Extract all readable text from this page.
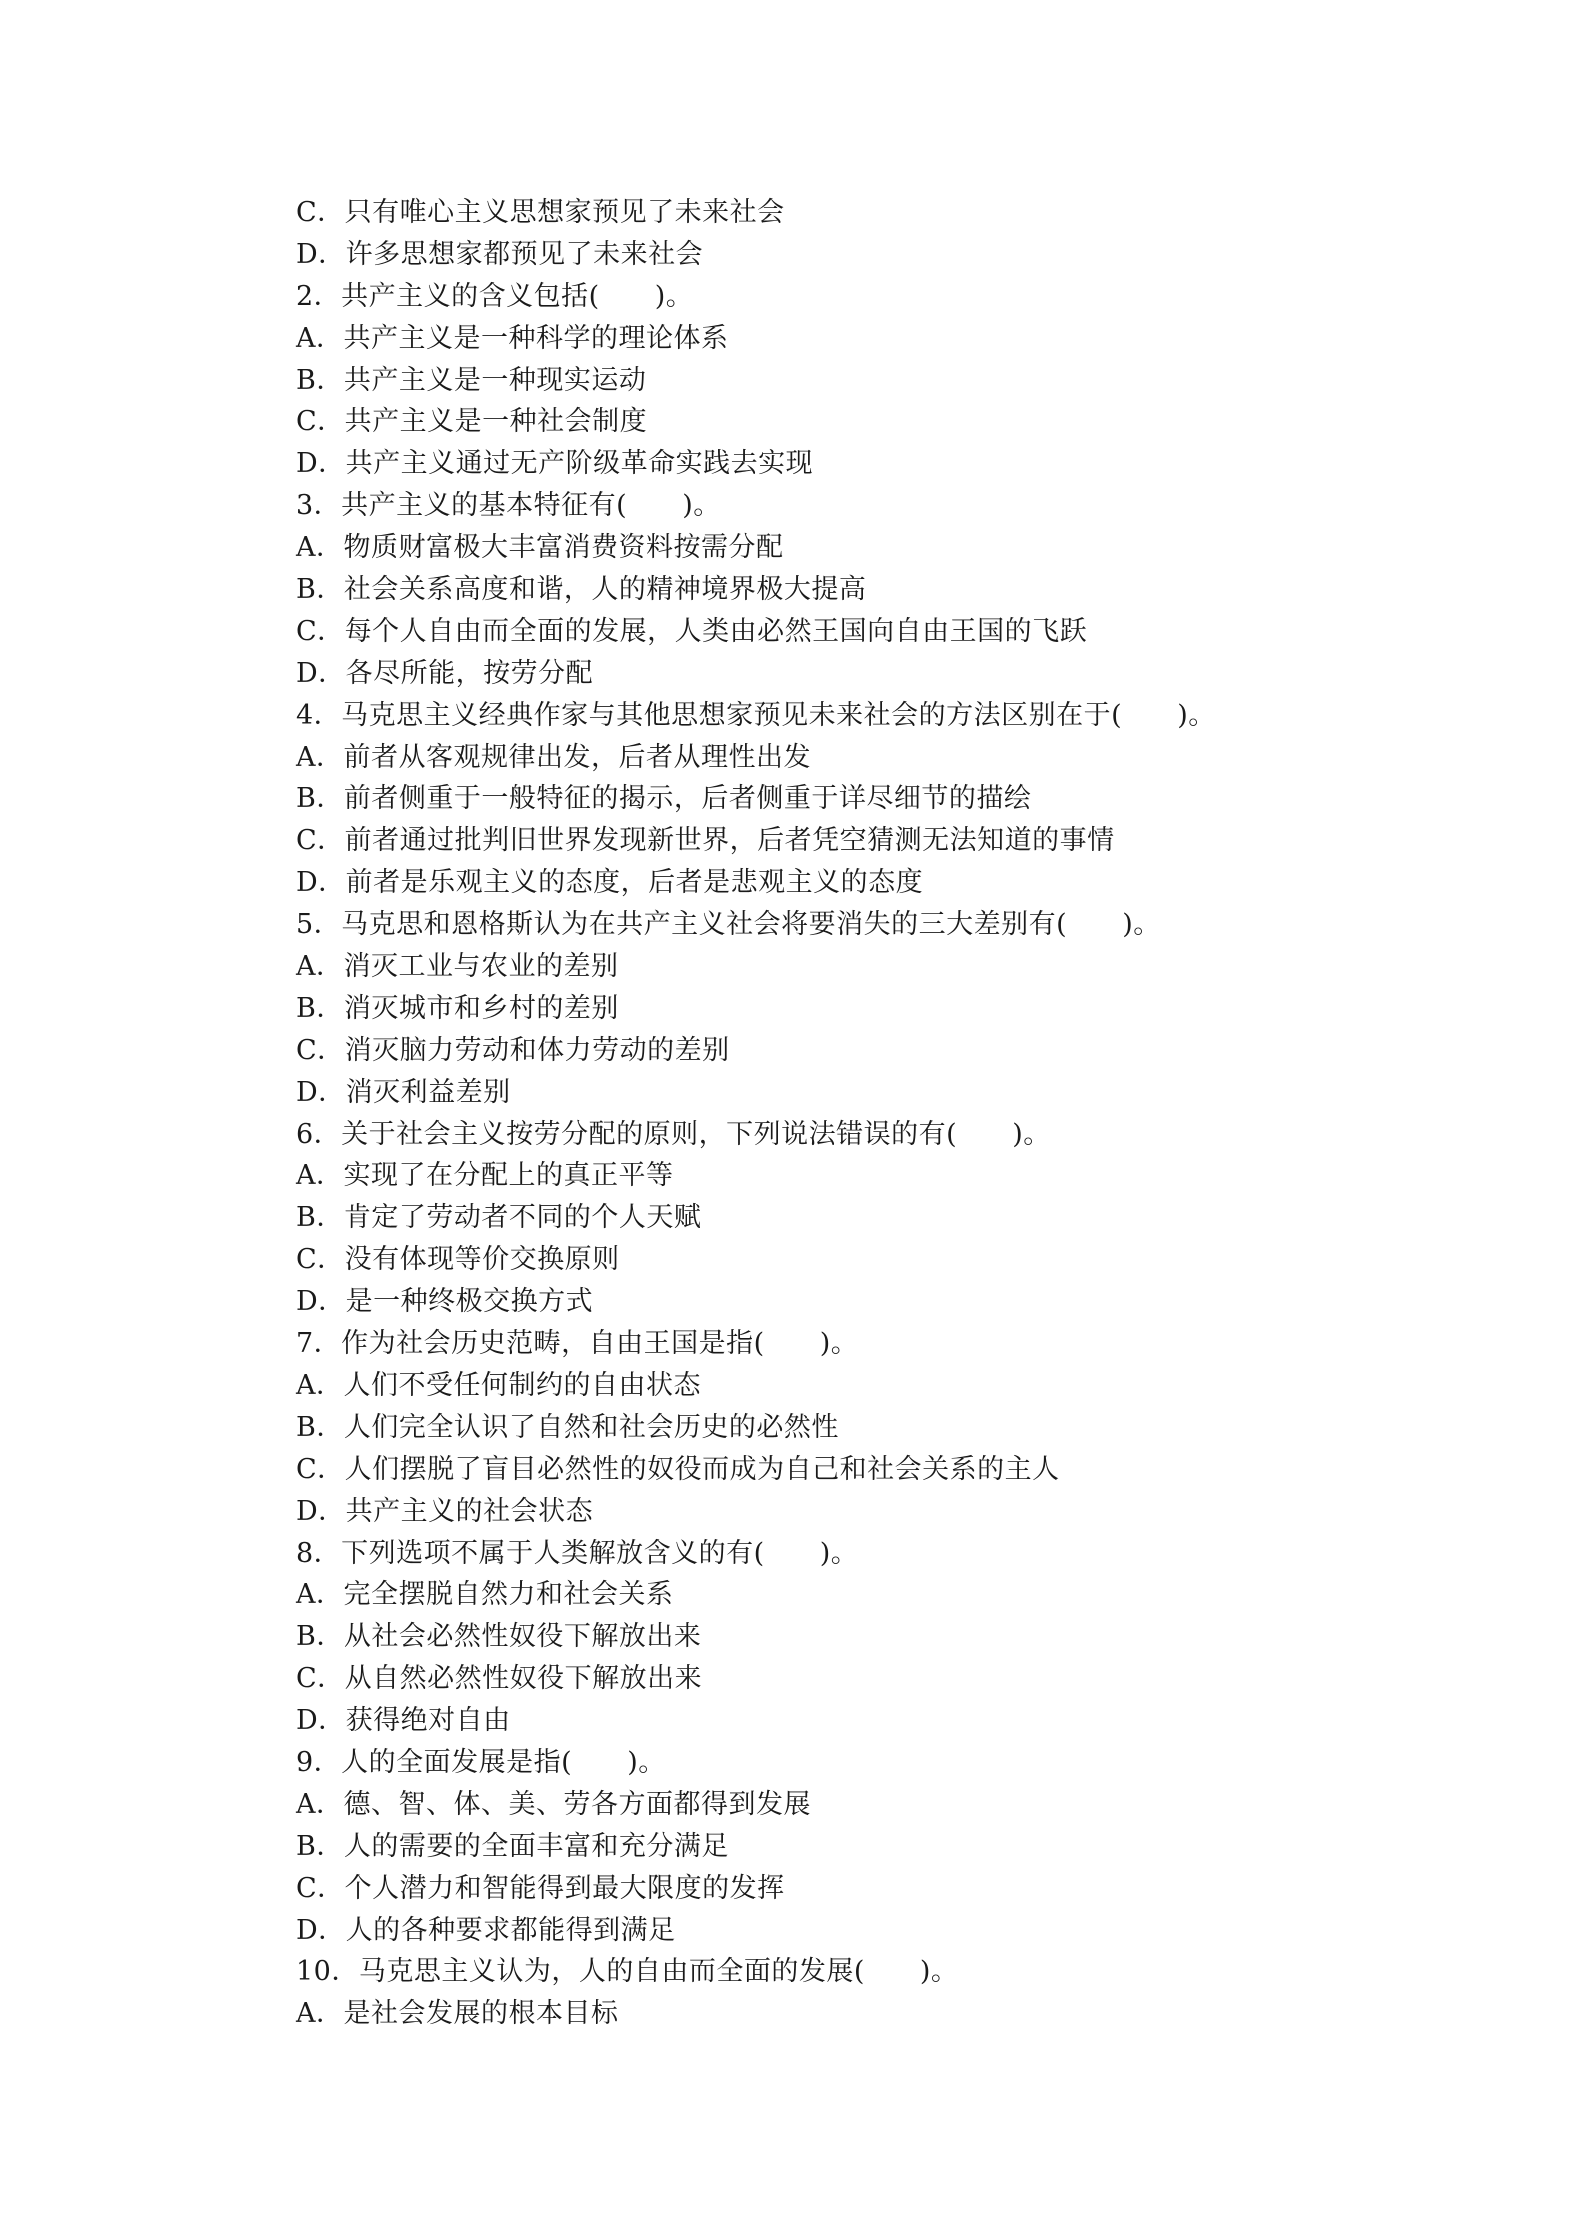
C．只有唯心主义思想家预见了未来社会
D．许多思想家都预见了未来社会
2．共产主义的含义包括(　　)。
A．共产主义是一种科学的理论体系
B．共产主义是一种现实运动
C．共产主义是一种社会制度
D．共产主义通过无产阶级革命实践去实现
3．共产主义的基本特征有(　　)。
A．物质财富极大丰富消费资料按需分配
B．社会关系高度和谐，人的精神境界极大提高
C．每个人自由而全面的发展，人类由必然王国向自由王国的飞跃
D．各尽所能，按劳分配
4．马克思主义经典作家与其他思想家预见未来社会的方法区别在于(　　)。
A．前者从客观规律出发，后者从理性出发
B．前者侧重于一般特征的揭示，后者侧重于详尽细节的描绘
C．前者通过批判旧世界发现新世界，后者凭空猜测无法知道的事情
D．前者是乐观主义的态度，后者是悲观主义的态度
5．马克思和恩格斯认为在共产主义社会将要消失的三大差别有(　　)。
A．消灭工业与农业的差别
B．消灭城市和乡村的差别
C．消灭脑力劳动和体力劳动的差别
D．消灭利益差别
6．关于社会主义按劳分配的原则，下列说法错误的有(　　)。
A．实现了在分配上的真正平等
B．肯定了劳动者不同的个人天赋
C．没有体现等价交换原则
D．是一种终极交换方式
7．作为社会历史范畴，自由王国是指(　　)。
A．人们不受任何制约的自由状态
B．人们完全认识了自然和社会历史的必然性
C．人们摆脱了盲目必然性的奴役而成为自己和社会关系的主人
D．共产主义的社会状态
8．下列选项不属于人类解放含义的有(　　)。
A．完全摆脱自然力和社会关系
B．从社会必然性奴役下解放出来
C．从自然必然性奴役下解放出来
D．获得绝对自由
9．人的全面发展是指(　　)。
A．德、智、体、美、劳各方面都得到发展
B．人的需要的全面丰富和充分满足
C．个人潜力和智能得到最大限度的发挥
D．人的各种要求都能得到满足
10．马克思主义认为，人的自由而全面的发展(　　)。
A．是社会发展的根本目标
